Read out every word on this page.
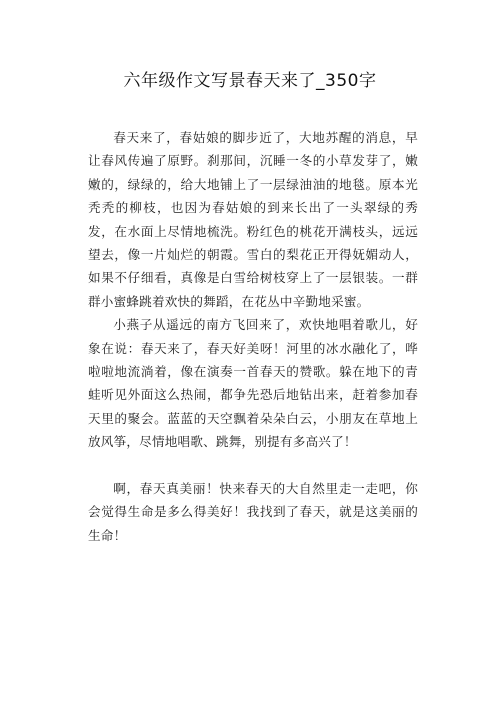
六年级作文写景春天来了_350字

春天来了，春姑娘的脚步近了，大地苏醒的消息，早让春风传遍了原野。刹那间，沉睡一冬的小草发芽了，嫩嫩的，绿绿的，给大地铺上了一层绿油油的地毯。原本光秃秃的柳枝，也因为春姑娘的到来长出了一头翠绿的秀发，在水面上尽情地梳洗。粉红色的桃花开满枝头，远远望去，像一片灿烂的朝霞。雪白的梨花正开得妩媚动人，如果不仔细看，真像是白雪给树枝穿上了一层银装。一群群小蜜蜂跳着欢快的舞蹈，在花丛中辛勤地采蜜。

小燕子从遥远的南方飞回来了，欢快地唱着歌儿，好象在说：春天来了，春天好美呀！河里的冰水融化了，哗啦啦地流淌着，像在演奏一首春天的赞歌。躲在地下的青蛙听见外面这么热闹，都争先恐后地钻出来，赶着参加春天里的聚会。蓝蓝的天空飘着朵朵白云，小朋友在草地上放风筝，尽情地唱歌、跳舞，别提有多高兴了！

啊，春天真美丽！快来春天的大自然里走一走吧，你会觉得生命是多么得美好！我找到了春天，就是这美丽的生命！
